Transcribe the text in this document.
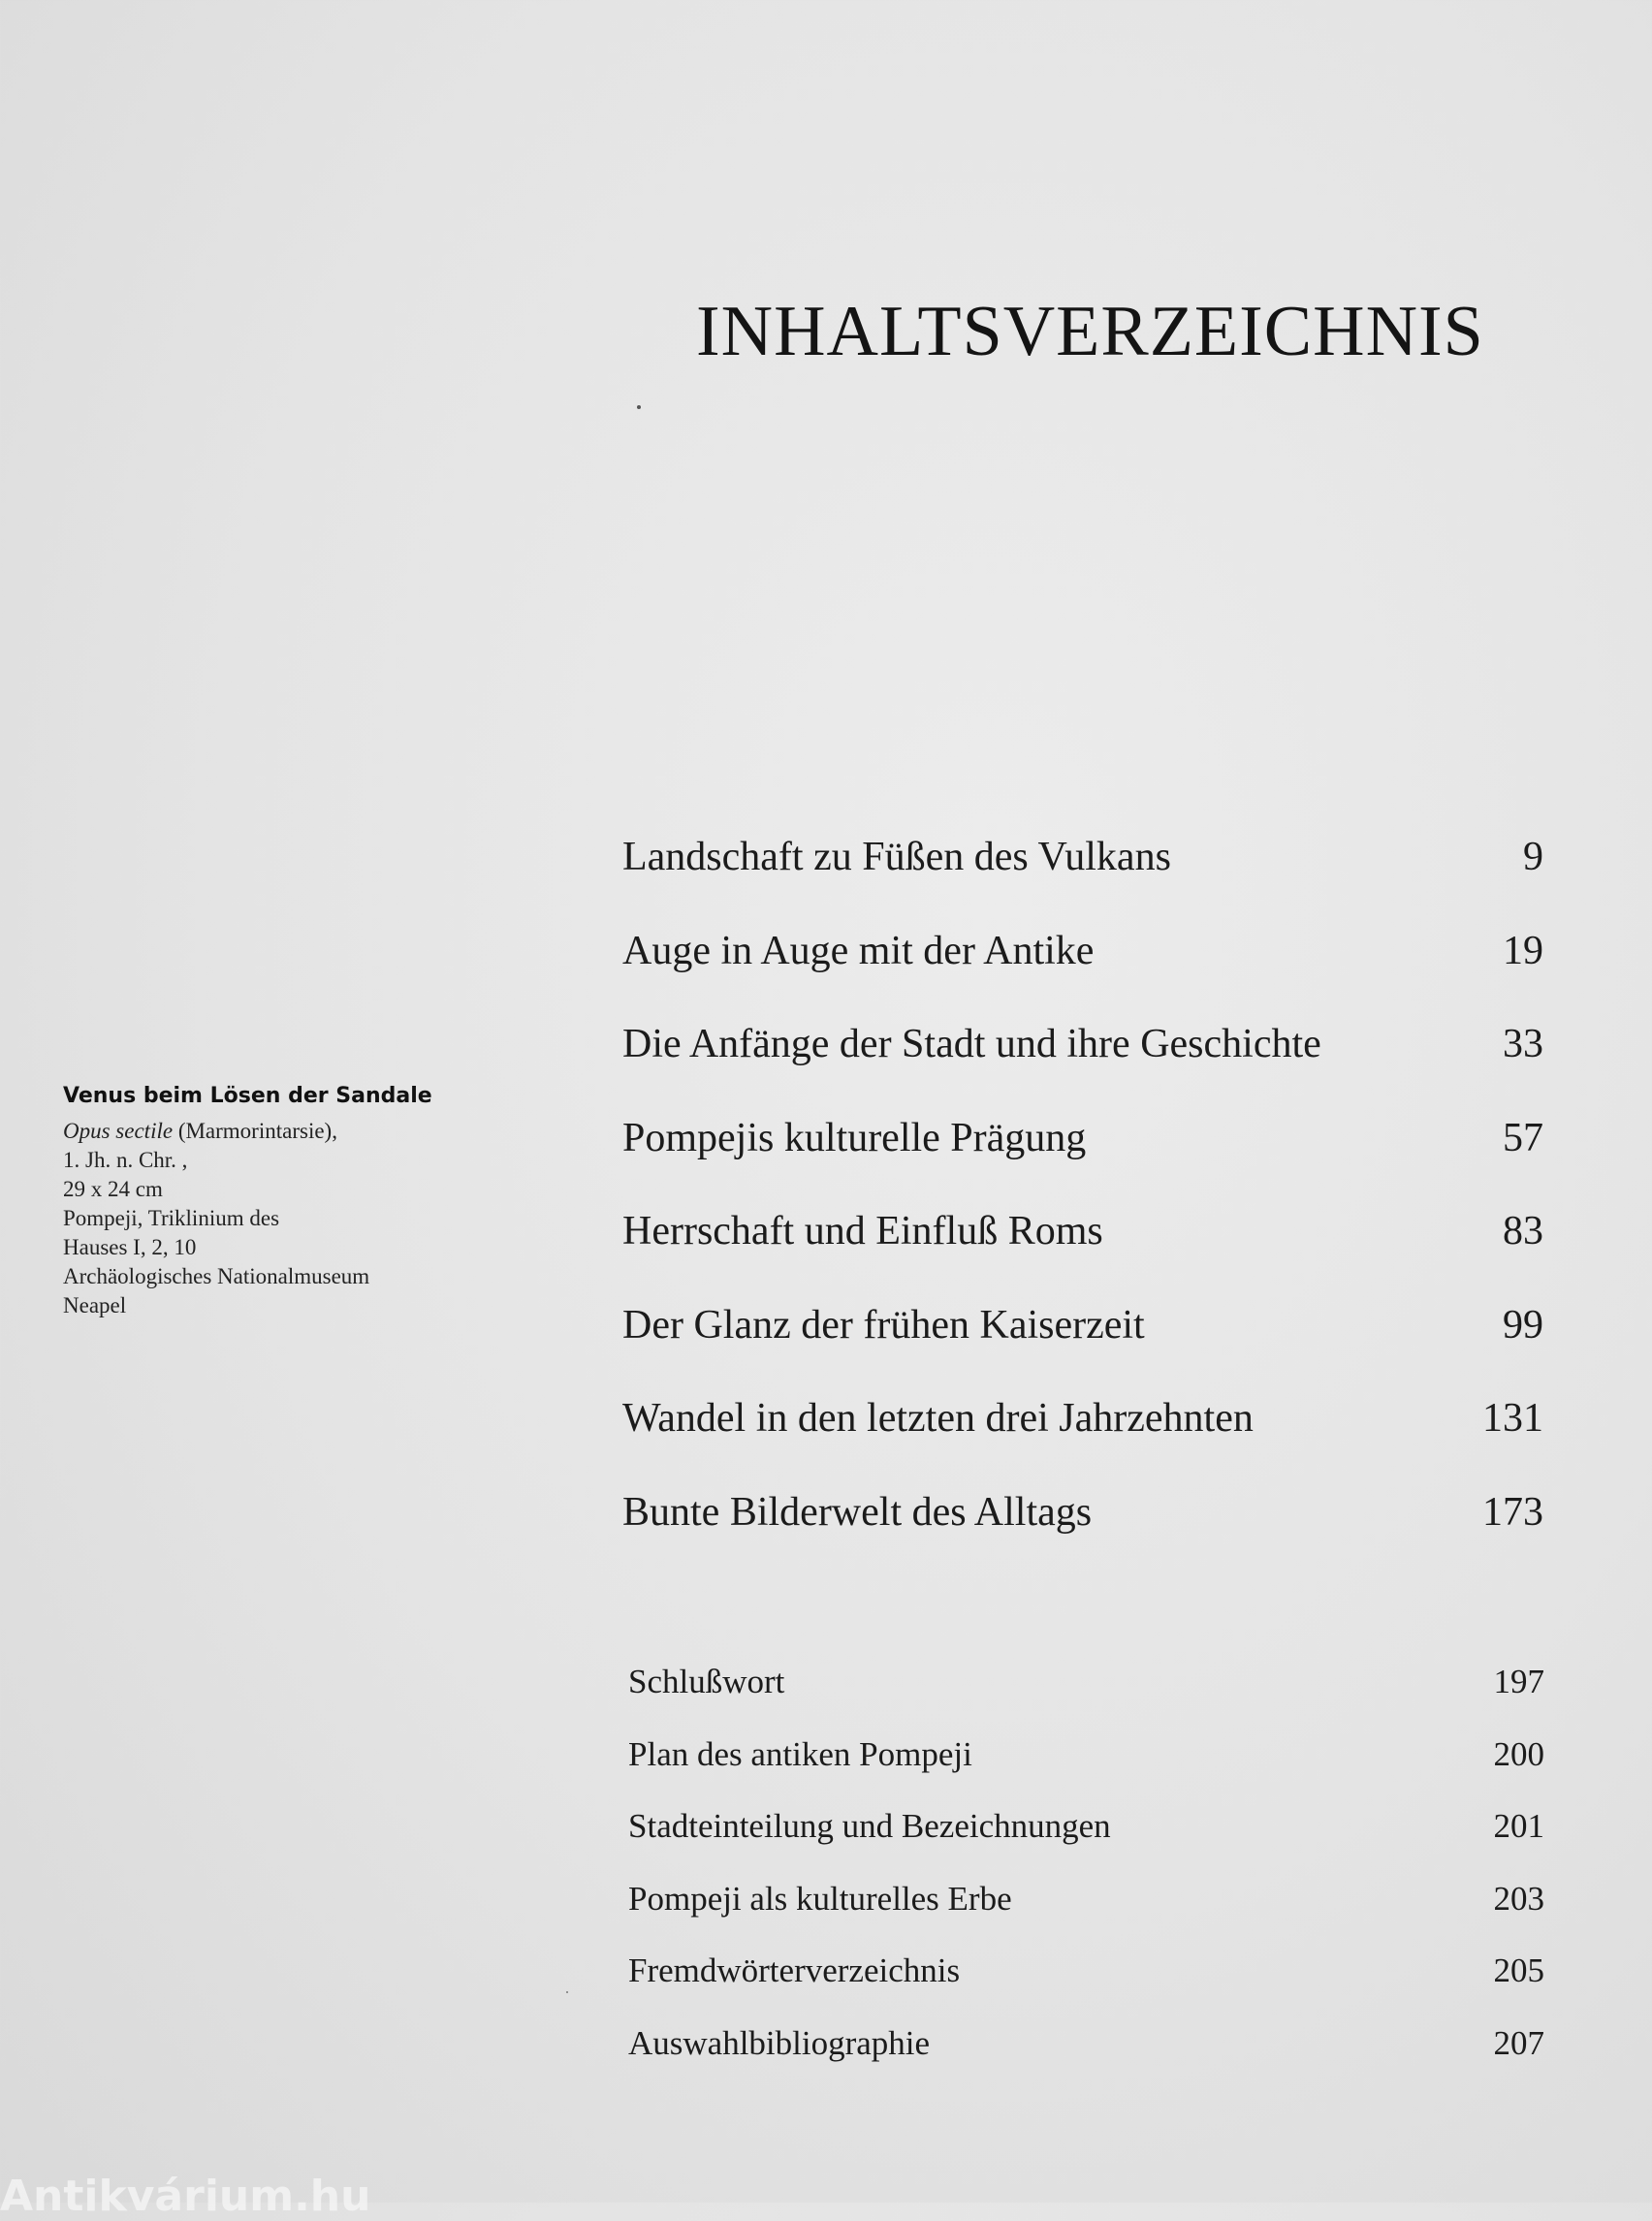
INHALTSVERZEICHNIS
Venus beim Lösen der Sandale
Opus sectile (Marmorintarsie),
1. Jh. n. Chr. ,
29 x 24 cm
Pompeji, Triklinium des
Hauses I, 2, 10
Archäologisches Nationalmuseum
Neapel
Landschaft zu Füßen des Vulkans	9
Auge in Auge mit der Antike	19
Die Anfänge der Stadt und ihre Geschichte	33
Pompejis kulturelle Prägung	57
Herrschaft und Einfluß Roms	83
Der Glanz der frühen Kaiserzeit	99
Wandel in den letzten drei Jahrzehnten	131
Bunte Bilderwelt des Alltags	173
Schlußwort	197
Plan des antiken Pompeji	200
Stadteinteilung und Bezeichnungen	201
Pompeji als kulturelles Erbe	203
Fremdwörterverzeichnis	205
Auswahlbibliographie	207
Antikvárium.hu
